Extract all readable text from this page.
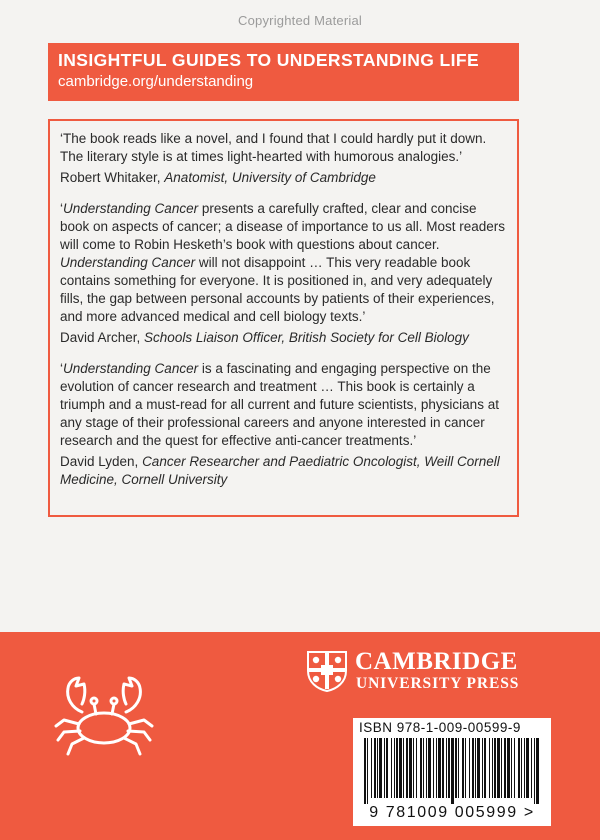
Copyrighted Material
INSIGHTFUL GUIDES TO UNDERSTANDING LIFE
cambridge.org/understanding

‘The book reads like a novel, and I found that I could hardly put it down. The literary style is at times light-hearted with humorous analogies.’

Robert Whitaker, Anatomist, University of Cambridge

‘Understanding Cancer presents a carefully crafted, clear and concise book on aspects of cancer; a disease of importance to us all. Most readers will come to Robin Hesketh’s book with questions about cancer. Understanding Cancer will not disappoint … This very readable book contains something for everyone. It is positioned in, and very adequately fills, the gap between personal accounts by patients of their experiences, and more advanced medical and cell biology texts.’

David Archer, Schools Liaison Officer, British Society for Cell Biology

‘Understanding Cancer is a fascinating and engaging perspective on the evolution of cancer research and treatment … This book is certainly a triumph and a must-read for all current and future scientists, physicians at any stage of their professional careers and anyone interested in cancer research and the quest for effective anti-cancer treatments.’

David Lyden, Cancer Researcher and Paediatric Oncologist, Weill Cornell Medicine, Cornell University

CAMBRIDGE
UNIVERSITY PRESS
ISBN 978-1-009-00599-9
9 781009 005999 >
